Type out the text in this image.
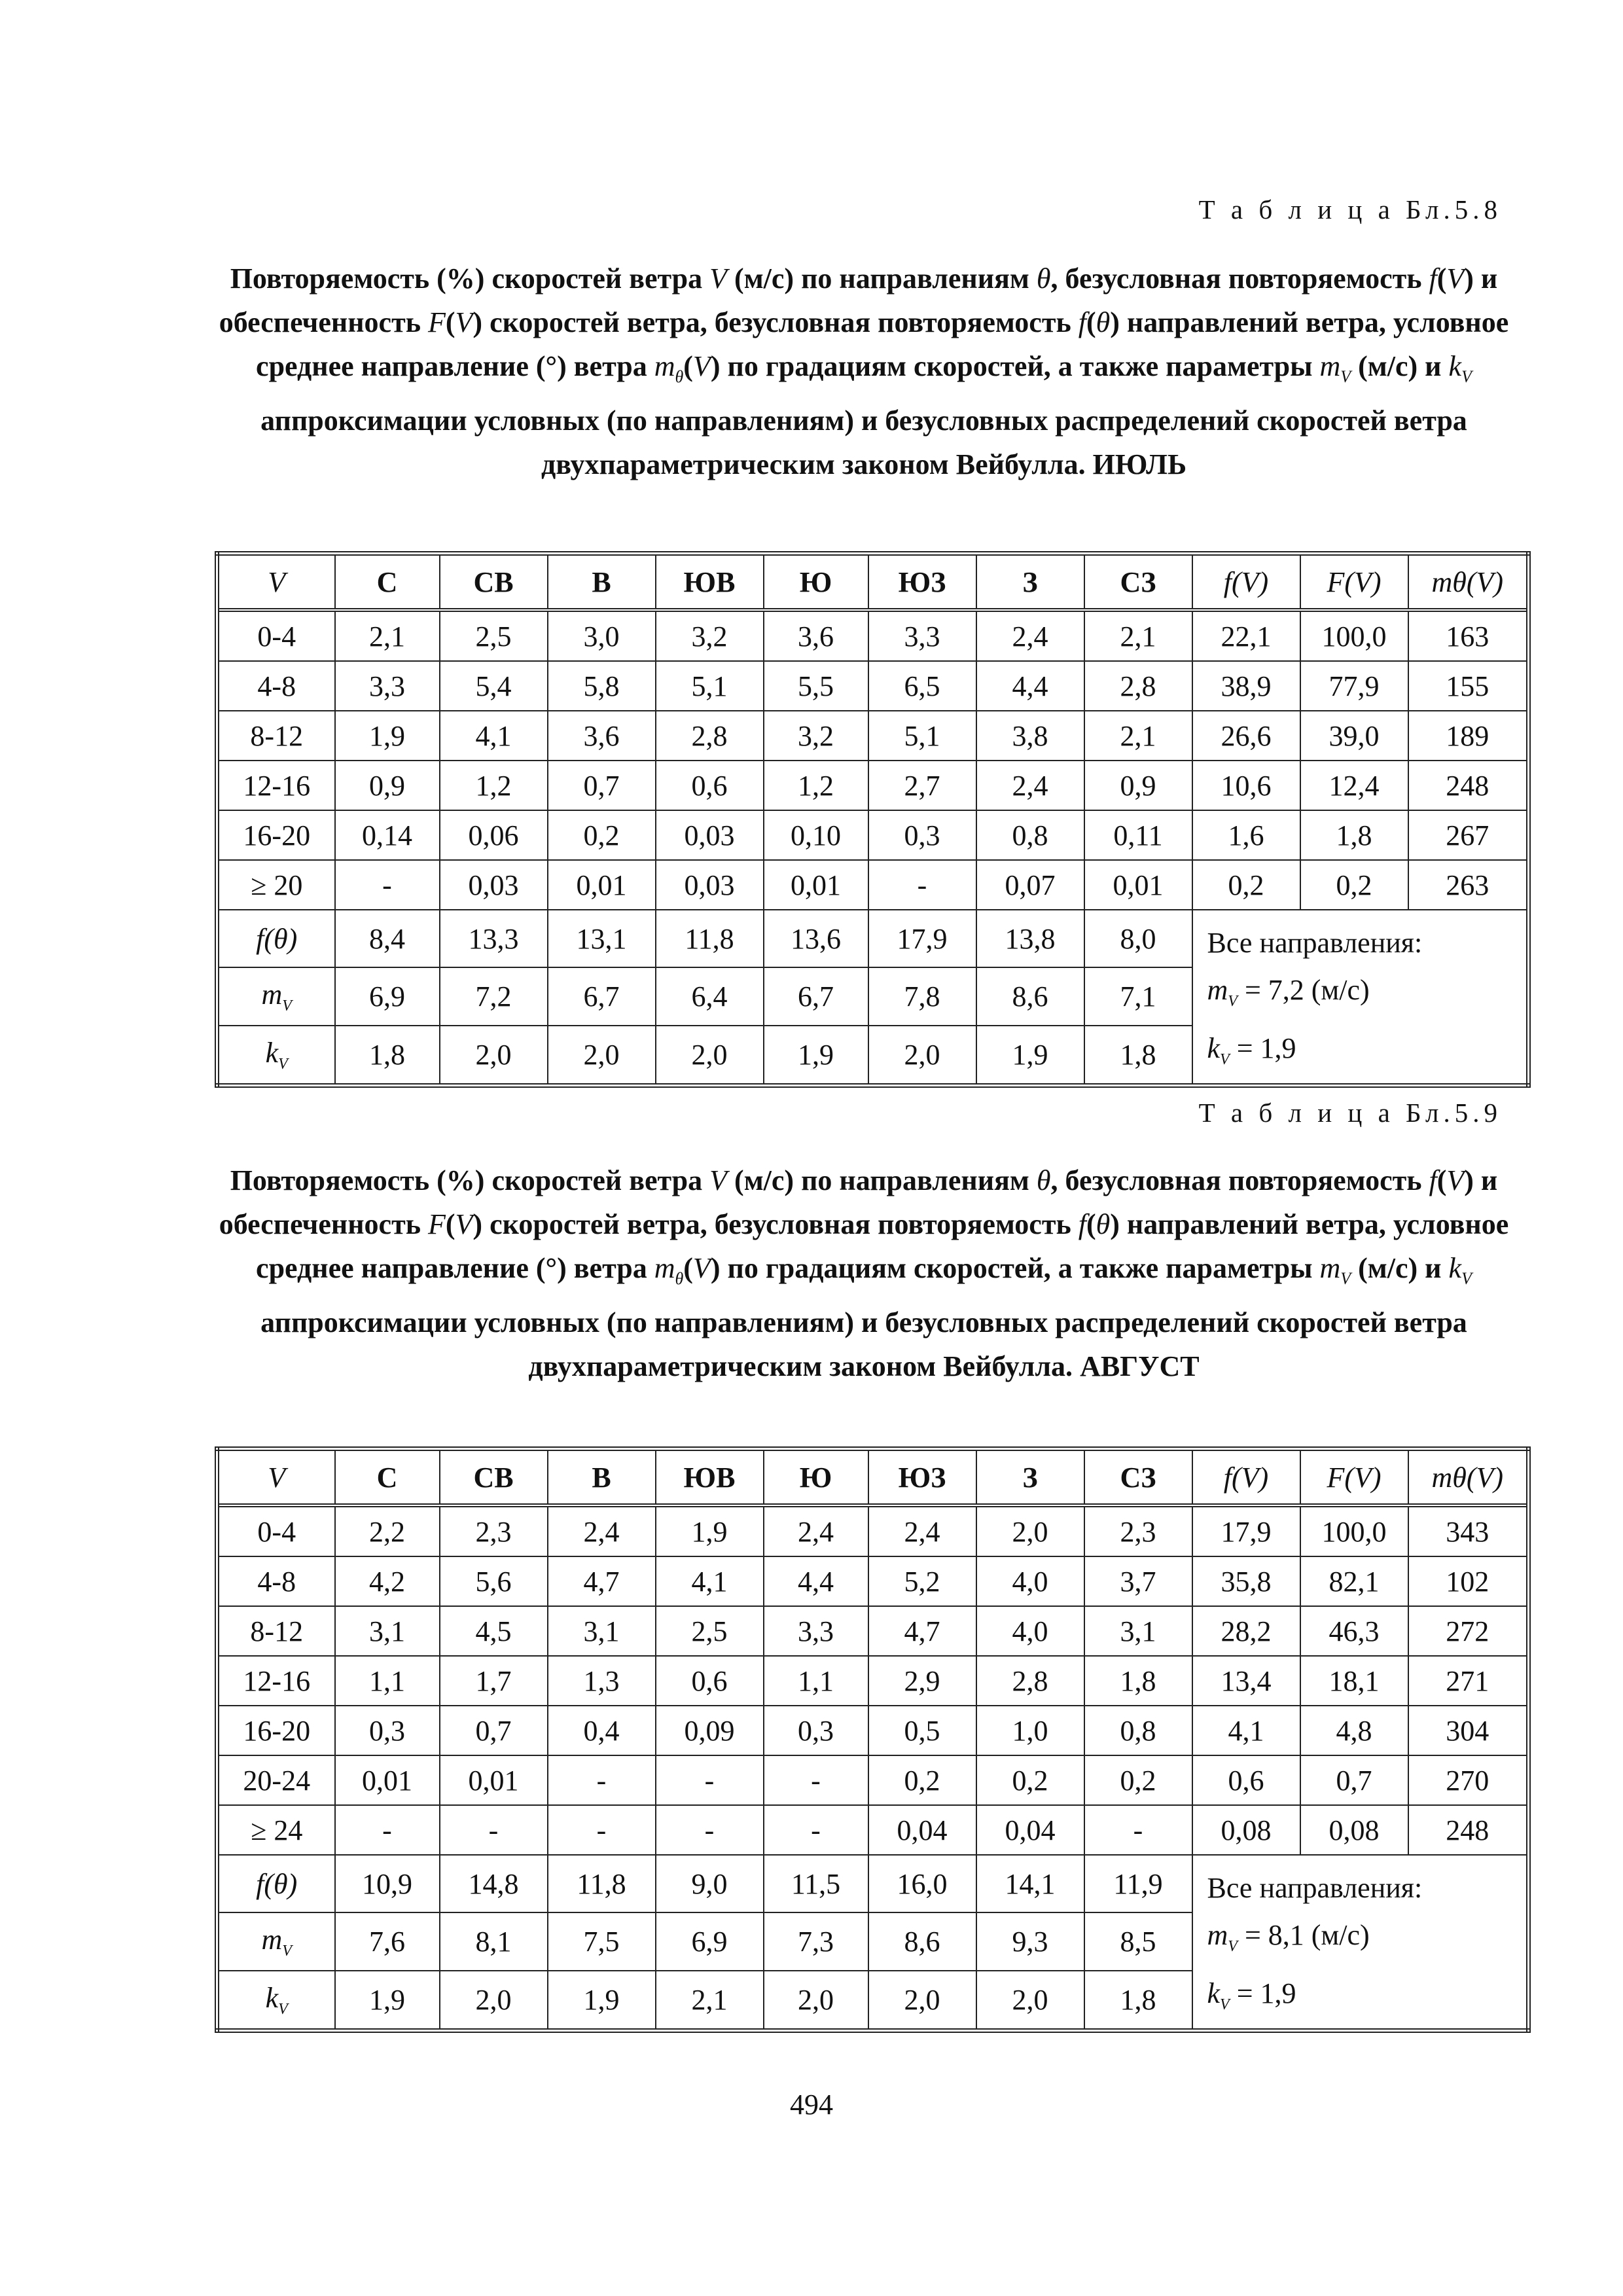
Т а б л и ц а Бл.5.8
Повторяемость (%) скоростей ветра V (м/с) по направлениям θ, безусловная повторяемость f(V) и обеспеченность F(V) скоростей ветра, безусловная повторяемость f(θ) направлений ветра, условное среднее направление (°) ветра $m_\theta(V)$ по градациям скоростей, а также параметры $m_V$ (м/с) и $k_V$ аппроксимации условных (по направлениям) и безусловных распределений скоростей ветра двухпараметрическим законом Вейбулла. ИЮЛЬ
V	С	СВ	В	ЮВ	Ю	ЮЗ	З	СЗ	f(V)	F(V)	mθ(V)
0-4	2,1	2,5	3,0	3,2	3,6	3,3	2,4	2,1	22,1	100,0	163
4-8	3,3	5,4	5,8	5,1	5,5	6,5	4,4	2,8	38,9	77,9	155
8-12	1,9	4,1	3,6	2,8	3,2	5,1	3,8	2,1	26,6	39,0	189
12-16	0,9	1,2	0,7	0,6	1,2	2,7	2,4	0,9	10,6	12,4	248
16-20	0,14	0,06	0,2	0,03	0,10	0,3	0,8	0,11	1,6	1,8	267
≥ 20	-	0,03	0,01	0,03	0,01	-	0,07	0,01	0,2	0,2	263
f(θ)	8,4	13,3	13,1	11,8	13,6	17,9	13,8	8,0	Все направления:
$m_V = 7,2$ (м/с)
$k_V = 1,9$		

$m_V$	6,9	7,2	6,7	6,4	6,7	7,8	8,6	7,1			
$k_V$	1,8	2,0	2,0	2,0	1,9	2,0	1,9	1,8			
Т а б л и ц а Бл.5.9
Повторяемость (%) скоростей ветра V (м/с) по направлениям θ, безусловная повторяемость f(V) и обеспеченность F(V) скоростей ветра, безусловная повторяемость f(θ) направлений ветра, условное среднее направление (°) ветра $m_\theta(V)$ по градациям скоростей, а также параметры $m_V$ (м/с) и $k_V$ аппроксимации условных (по направлениям) и безусловных распределений скоростей ветра двухпараметрическим законом Вейбулла. АВГУСТ
V	С	СВ	В	ЮВ	Ю	ЮЗ	З	СЗ	f(V)	F(V)	mθ(V)
0-4	2,2	2,3	2,4	1,9	2,4	2,4	2,0	2,3	17,9	100,0	343
4-8	4,2	5,6	4,7	4,1	4,4	5,2	4,0	3,7	35,8	82,1	102
8-12	3,1	4,5	3,1	2,5	3,3	4,7	4,0	3,1	28,2	46,3	272
12-16	1,1	1,7	1,3	0,6	1,1	2,9	2,8	1,8	13,4	18,1	271
16-20	0,3	0,7	0,4	0,09	0,3	0,5	1,0	0,8	4,1	4,8	304
20-24	0,01	0,01	-	-	-	0,2	0,2	0,2	0,6	0,7	270
≥ 24	-	-	-	-	-	0,04	0,04	-	0,08	0,08	248
f(θ)	10,9	14,8	11,8	9,0	11,5	16,0	14,1	11,9	Все направления:
$m_V = 8,1$ (м/с)
$k_V = 1,9$		

$m_V$	7,6	8,1	7,5	6,9	7,3	8,6	9,3	8,5			
$k_V$	1,9	2,0	1,9	2,1	2,0	2,0	2,0	1,8			
494
